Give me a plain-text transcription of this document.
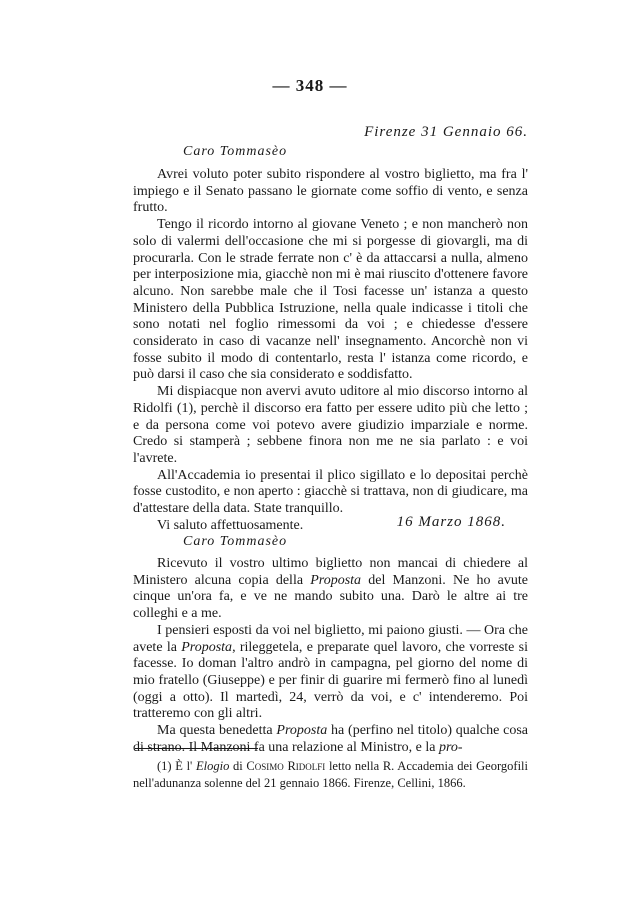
— 348 —
Firenze 31 Gennaio 66.
Caro Tommasèo

Avrei voluto poter subito rispondere al vostro biglietto, ma fra l' impiego e il Senato passano le giornate come soffio di vento, e senza frutto.

Tengo il ricordo intorno al giovane Veneto ; e non mancherò non solo di valermi dell'occasione che mi si porgesse di giovargli, ma di procurarla. Con le strade ferrate non c' è da attaccarsi a nulla, almeno per interposizione mia, giacchè non mi è mai riuscito d'ottenere favore alcuno. Non sarebbe male che il Tosi facesse un' istanza a questo Ministero della Pubblica Istruzione, nella quale indicasse i titoli che sono notati nel foglio rimessomi da voi ; e chiedesse d'essere considerato in caso di vacanze nell' insegnamento. Ancorchè non vi fosse subito il modo di contentarlo, resta l' istanza come ricordo, e può darsi il caso che sia considerato e soddisfatto.

Mi dispiacque non avervi avuto uditore al mio discorso intorno al Ridolfi (1), perchè il discorso era fatto per essere udito più che letto ; e da persona come voi potevo avere giudizio imparziale e norme. Credo si stamperà ; sebbene finora non me ne sia parlato : e voi l'avrete.

All'Accademia io presentai il plico sigillato e lo depositai perchè fosse custodito, e non aperto : giacchè si trattava, non di giudicare, ma d'attestare della data. State tranquillo.

Vi saluto affettuosamente.	16 Marzo 1868.
Caro Tommasèo

Ricevuto il vostro ultimo biglietto non mancai di chiedere al Ministero alcuna copia della Proposta del Manzoni. Ne ho avute cinque un'ora fa, e ve ne mando subito una. Darò le altre ai tre colleghi e a me.

I pensieri esposti da voi nel biglietto, mi paiono giusti. — Ora che avete la Proposta, rileggetela, e preparate quel lavoro, che vorreste si facesse. Io doman l'altro andrò in campagna, pel giorno del nome di mio fratello (Giuseppe) e per finir di guarire mi fermerò fino al lunedì (oggi a otto). Il martedì, 24, verrò da voi, e c' intenderemo. Poi tratteremo con gli altri.

Ma questa benedetta Proposta ha (perfino nel titolo) qualche cosa di strano. Il Manzoni fa una relazione al Ministro, e la pro-

(1) È l' Elogio di Cosimo Ridolfi letto nella R. Accademia dei Georgofili nell'adunanza solenne del 21 gennaio 1866. Firenze, Cellini, 1866.
